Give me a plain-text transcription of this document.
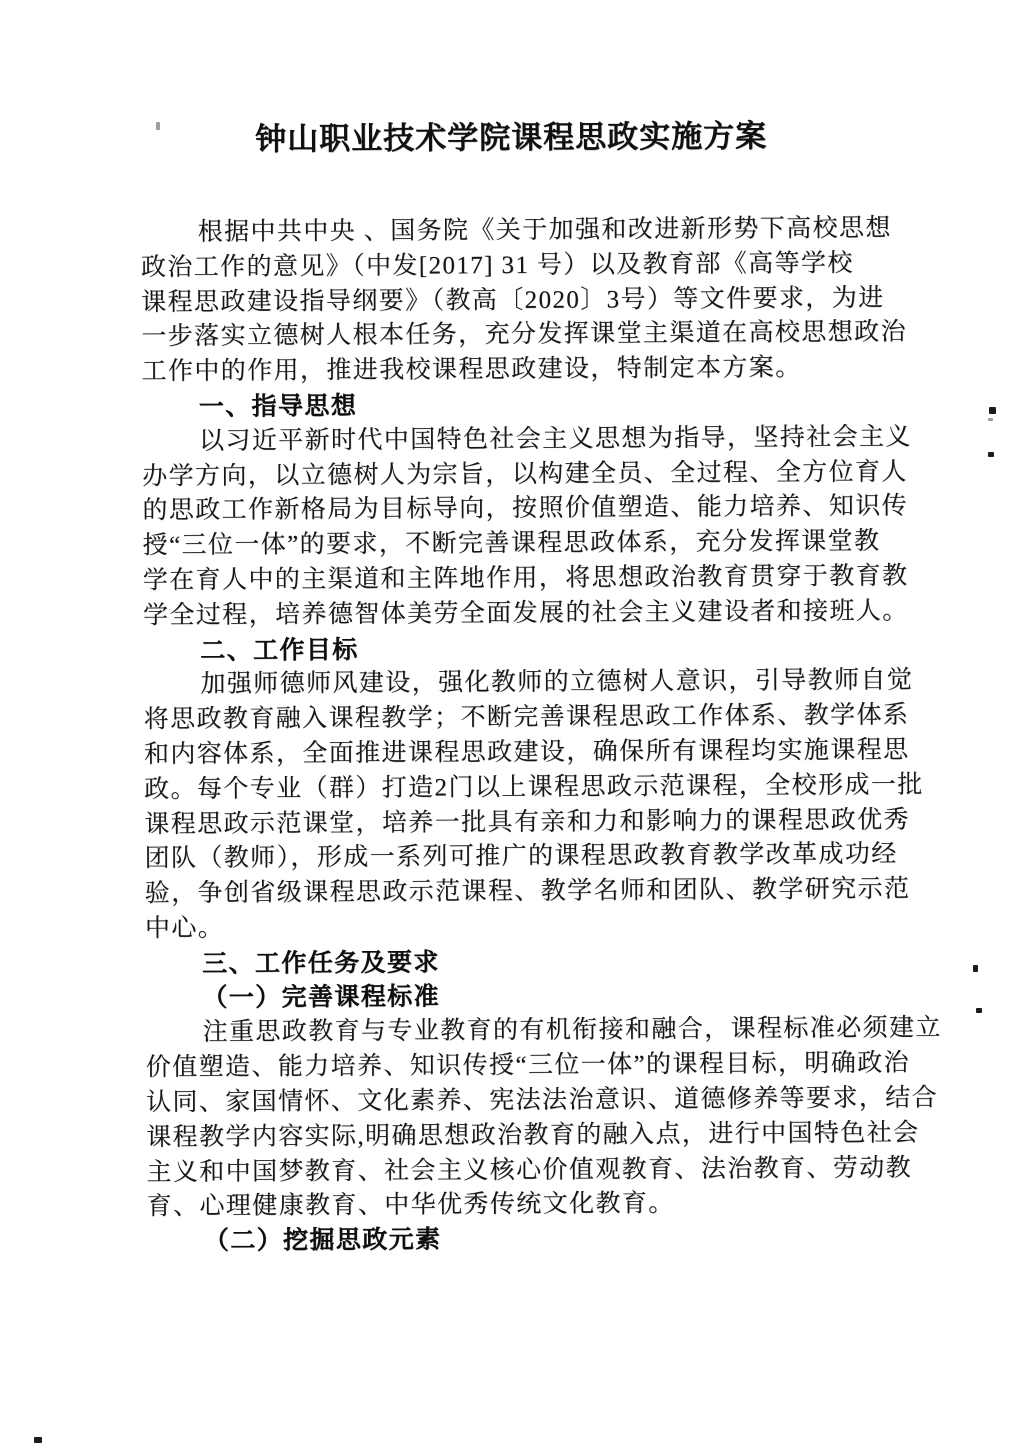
钟山职业技术学院课程思政实施方案
根据中共中央 、国务院《关于加强和改进新形势下高校思想
政治工作的意见》（中发[2017] 31 号）以及教育部《高等学校
课程思政建设指导纲要》（教高〔2020〕3号）等文件要求，为进
一步落实立德树人根本任务，充分发挥课堂主渠道在高校思想政治
工作中的作用，推进我校课程思政建设，特制定本方案。
一、指导思想
以习近平新时代中国特色社会主义思想为指导，坚持社会主义
办学方向，以立德树人为宗旨，以构建全员、全过程、全方位育人
的思政工作新格局为目标导向，按照价值塑造、能力培养、知识传
授“三位一体”的要求，不断完善课程思政体系，充分发挥课堂教
学在育人中的主渠道和主阵地作用，将思想政治教育贯穿于教育教
学全过程，培养德智体美劳全面发展的社会主义建设者和接班人。
二、工作目标
加强师德师风建设，强化教师的立德树人意识，引导教师自觉
将思政教育融入课程教学；不断完善课程思政工作体系、教学体系
和内容体系，全面推进课程思政建设，确保所有课程均实施课程思
政。每个专业（群）打造2门以上课程思政示范课程，全校形成一批
课程思政示范课堂，培养一批具有亲和力和影响力的课程思政优秀
团队（教师），形成一系列可推广的课程思政教育教学改革成功经
验，争创省级课程思政示范课程、教学名师和团队、教学研究示范
中心。
三、工作任务及要求
（一）完善课程标准
注重思政教育与专业教育的有机衔接和融合，课程标准必须建立
价值塑造、能力培养、知识传授“三位一体”的课程目标，明确政治
认同、家国情怀、文化素养、宪法法治意识、道德修养等要求，结合
课程教学内容实际,明确思想政治教育的融入点，进行中国特色社会
主义和中国梦教育、社会主义核心价值观教育、法治教育、劳动教
育、心理健康教育、中华优秀传统文化教育。
（二）挖掘思政元素
